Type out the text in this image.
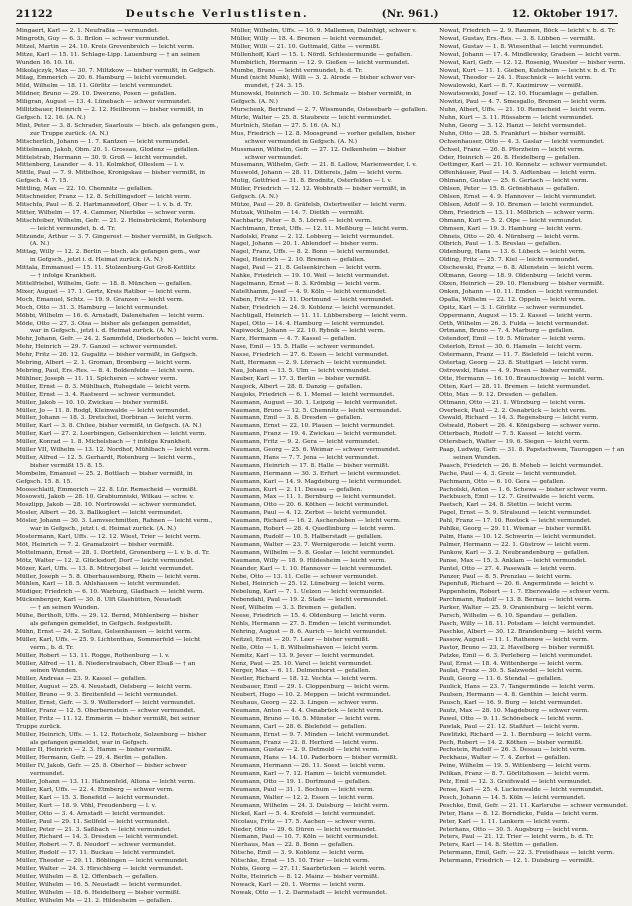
21122	Deutsche Verlustlisten.	(Nr. 961.)	12. Oktober 1917.
Mingaert, Karl — 2. 1. Neufraßia — vermundet.
Mingroth, Guy — 6. 3. Brilon — schwer vermundet.
Mitzel, Martin — 24. 10. Kreis Grevenbroich — leicht verm.
Mitze, Karl — 15. 11. Schlage-Lipp. Lauenburg — † an seinen
Wunden 16. 10. 16.
Mikolajczyk, Max — 30. 7. Miltzkow — bisher vermißt, in Gefgsch.
Milag, Emmerich — 20. 6. Hamburg — leicht vermundet.
Mild, Wilhelm — 18. 11. Görlitz — leicht vermundet.
Mildner, Bruno — 29. 10. Dwerzno, Posen — gefallen.
Miligran, August — 13. 4. Lünebach — schwer vermundet.
Millitzbauer, Heinrich — 2. 12. Heilbronn — bisher vermißt, in
Gefgsch. 12. 16. (A. N.)
Mint, Peter — 3. 8. Schrader, Saarlouis — bisch. als gefangen gem.,
zur Truppe zurück. (A. N.)
Mitscherlich, Johann — 1. 7. Kantzen — leicht vermundet.
Mittelmann, Jakob, Obm. 20. 1. Grossau, Glodenz — gefallen.
Mittelstrab, Hermann — 30. 9. Groß — leicht vermundet.
Mittenberg, Leander — 4. 11. Kolmkhof, Olleslem — l. v.
Mittle, Paul — 7. 9. Mittelhoe, Kronigskau — bisher vermißt, in
Gefgsch. 4. 7. 15.
Mittling, Max — 22. 10. Chemnitz — gefallen.
Mitschneider, Franz — 12. 8. Schillingsdorf — leicht verm.
Mitschfa, Paul — 8. 2. Hartmannsdorf, Ober — l. v. b. d. Tr.
Mitter, Wilhelm — 17. 4. Cammer, Nierbike — schwer verm.
Mitschfeiber, Wilhelm, Gefr. — 21. 2. Heinsbrückmt, Rotenburg
— leicht vermundet, b. d. Tr.
Mitzunde, Arthur — 3. 7. Gingerest — bisher vermißt, in Gefgsch.
(A. N.)
Mittag, Willy — 12. 2. Berlin — bisch. als gefangen gem., war
in Gefgsch., jetzt i. d. Heimat zurück. (A. N.)
Mittala, Emmanuel — 15. 11. Stolzenburg-Gut Groß-Kettlitz
— † infolge Krankheit.
Mittelfriebel, Wilhelm, Gefr. — 18. 8. München — gefallen.
Mixer, August — 17. 1. Gertz, Kreis Ratibor — leicht verm.
Moch, Emanuel, Schtz. — 19. 9. Granzen — leicht verm.
Moch, Otto — 31. 3. Hamburg — leicht vermundet.
Möbbi, Wilhelm — 16. 6. Arnstadt, Dalenehafen — leicht verm.
Möde, Otto — 27. 3. Olsa — bisher als gefangen gemeldet,
war in Gefgsch., jetzt i. d. Heimat zurück. (A. N.)
Mehr, Johann, Gefr. — 24. 2. Sammfeld, Diederhofen — leicht verm.
Mehr, Heinrich — 29. 7. Ganzel — schwer vermundet.
Mehr, Fritz — 26. 12. Gugalitz — bisher vermißt, in Gefgsch.
Mebring, Albert — 2. 1. Groman, Bromberg — leicht verm.
Mebring, Paul, Ers.-Res. — 8. 4. Boldenfelde — leicht verm.
Mühlner, Joseph — 11. 11. Spicheren — schwer verm.
Müller, Ernst — 8. 3. Mühlbach, Ruhegdale — leicht verm.
Müller, Ernst — 3. 4. Rastwerd — schwer vermundet.
Müller, Jakob — 10. 10. Zwickau — bisher vermißt.
Müller, Jo — 11. 8. Rodgl, Kleinwalde — leicht vermundet.
Müller, Johann — 18. 3. Dretschel, Dorbiran — leicht verm.
Müller, Karl — 3. 8. Chilee, bisher vermißt, in Gefgsch. (A. N.)
Müller, Karl — 27. 2. Loerbingen, Gelsenkirchen — leicht verm.
Müller, Konrad — 1. 8. Michelsbach — † infolge Krankheit.
Müller VII, Wilhelm — 13. 12. Nordhof, Mühlbach — leicht verm.
Müller, Alfred — 12. 5. Gerhardt, Rotenburg — leicht verm.,
bisher vermißt 15. 8. 15.
Mombelm, Emanuel — 25. 2. Bottlach — bisher vermißt, in
Gefgsch. 15. 8. 15.
Moosschlaitl, Emmerich — 22. 8. Lür. Remscheid — vermißt.
Mosowsti, Jakob — 28. 10. Grabiumniski, Wilkau — schw. v.
Moszlipp, Jakob — 28. 10. Nortrowski — schwer vermundet.
Mosler, Albert — 26. 3. Ballkoglert — leicht vermundet.
Mösler, Johann — 30. 3. Lamvsechmitten, Rahnen — leicht verm.,
war in Gefgsch., jetzt i. d. Heimat zurück. (A. N.)
Mostermann, Karl, Uffs. — 12. 12. Wiest, Trier — leicht verm.
Möt, Heinrich — 7. 2. Gramatzoirt — bisher vermißt.
Mottelmann, Ernst — 28. 1. Dortfeld, Gronenberg — l. v. b. d. Tr.
Mötz, Walter — 12. 2. Glücksdorf, Dorf — leicht vermundet.
Mözer, Karl, Uffs. — 13. 8. Mitrerjobel — leicht vermundet.
Müller, Joseph — 5. 8. Oberhausenburg, Rhein — leicht verm.
Mühlen, Karl — 18. 5. Ahlshausen — leicht vermundet.
Müdiger, Friedrich — 6. 10. Warburg, Gladbach — leicht verm.
Mückenberger, Karl — 30. 8. Ulft Glashütten, Neustadt
— † an seinen Wunden.
Mühe, Bertholt, Uffs. — 29. 12. Bernd, Mühlenberg — bisher
als gefangen gemeldet, in Gefgsch. festgestellt.
Mühn, Ernst — 24. 2. Soltau, Gelsenhausen — leicht verm.
Müller, Karl, Uffs. — 25. 9. Lichtenthau, Sommerfeld — leicht
verm., b. d. Tr.
Müller, Robert — 13. 11. Rogge, Rothenburg — l. v.
Müller, Alfred — 11. 8. Niederstraubach, Ober Elsaß — † an
seinen Wunden.
Müller, Andreas — 23. 9. Kassel — gefallen.
Müller, August — 25. 4. Neustadt, Oelsberg — leicht verm.
Müller, Bruno — 9. 3. Breitenfeld — leicht vermundet.
Müller, Ernst, Gefr. — 3. 9. Wollersdorf — leicht vermundet.
Müller, Franz — 12. 5. Oberbernstein — schwer vermundet.
Müller, Fritz — 11. 12. Emmerin — bisher vermißt, bei seiner
Truppe zurück.
Müller, Heinrich, Uffs. — 1. 12. Rotscholz, Solzenburg — bisher
als gefangen gemeldet, war in Gefgsch.
Müller II, Heinrich — 2. 3. Hamm — bisher vermißt.
Müller, Hermann, Gefr. — 29. 4. Berlin — gefallen.
Müller IV, Jakob, Gefr. — 25. 8. Oberhof — bisher schwer
vermundet.
Müller, Johann — 13. 11. Hahnenfeld, Altona — leicht verm.
Müller, Karl, Uffs. — 22. 4. Etmberg — schwer verm.
Müller, Karl — 15. 3. Bonefeld — leicht vermundet.
Müller, Kurt — 18. 9. Vöhl, Freudenberg — l. v.
Müller, Otto — 3. 4. Arnstadt — leicht vermundet.
Müller, Paul — 29. 11. Sellfeld — leicht vermundet.
Müller, Peter — 21. 3. Saßbach — leicht vermundet.
Müller, Richard — 14. 3. Dresden — leicht vermundet.
Müller, Robert — 7. 8. Neudorf — schwer vermundet.
Müller, Rudolf — 17. 11. Buckau — leicht vermundet.
Müller, Theodor — 29. 11. Böblingen — leicht vermundet.
Müller, Walter — 24. 3. Hirschberg — leicht vermundet.
Müller, Wilhelm — 8. 12. Offenbach — gefallen.
Müller, Wilhelm — 16. 5. Neustadt — leicht vermundet.
Müller, Wilhelm — 18. 6. Heidelberg — bisher vermißt.
Müller, Wilhelm Ms — 21. 2. Hildesheim — gefallen.
Müller, Wilhelm, Uffs. — 10. 9. Mallemen, Dalmhigt, schwer v.
Müller, Willy — 18. 4. Bremen — leicht vermundet.
Müller, Willi — 21. 10. Guttmald, Gitte — vermißt.
Müllenhoff, Karl — 15. 1. Nördl. Schlesiermunde — gefallen.
Mumbirlich, Hermann — 12. 9. Gießen — leicht vermundet.
Mumbe, Bruno — leicht vermundet, b. d. Tr.
Mund (nicht Munk), Willi — 3. 2. Alrode — bisher schwer ver-
mundet, † 24. 3. 15.
Munowski, Heinrich — 30. 10. Schmalz — bisher vermißt, in
Gefgsch. (A. N.)
Murschenk, Bertrand — 2. 7. Wissmunde, Ostseebarb — gefallen.
Mürle, Walter — 25. 8. Staubreiz — leicht vermundet.
Murtnich, Stefan — 27. 5. 16. (A. N.)
Mus, Friedrich — 12. 8. Moosgrund — vorher gefallen, bisher
schwer vermundet in Gefgsch. (A. N.)
Mussmann, Wilhelm, Gefr. — 27. 12. Oelkenheim — bisher
schwer vermundet.
Mussmann, Wilhelm, Gefr. — 21. 8. Lallow, Marienwerder, l. v.
Muswold, Johann — 28. 11. Dittereis, Jalm — leicht verm.
Mutig, Gottfried — 31. 8. Brodnitz, Osterfelden — l. v.
Müller, Friedrich — 12. 12. Wobbrath — bisher vermißt, in
Gefgsch. (A. N.)
Mütze, Paul — 29. 8. Gräfelsb, Ostertweiler — leicht verm.
Mutzak, Wilhelm — 14. 7. Dietkh — vermißt.
Nachbartz, Peter — 8. 5. Lörreß — leicht verm.
Nachtmann, Ernst, Uffs. — 12. 11. Meßburg — leicht verm.
Nadolski, Franz — 2. 12. Lobberg — leicht vermundet.
Nagel, Johann — 20. 1. Ablendorf — bisher verm.
Nagel, Franz, Uffs. — 8. 2. Bonn — leicht vermundet.
Nagel, Heinrich — 2. 10. Bremen — gefallen.
Nagel, Paul — 21. 8. Gelsenkirchen — leicht verm.
Nahke, Friedrich — 19. 10. Weil — leicht vermundet.
Nagelmann, Ernst — 8. 3. Krömbig — leicht verm.
Natelthamm, Josef — 4. 9. Köln — leicht vermundet.
Naben, Fritz — 12. 11. Dortmund — leicht vermundet.
Naber, Friedrich — 24. 9. Koblenz — leicht vermundet.
Nachtigall, Heinrich — 11. 11. Lübbersberg — leicht verm.
Napel, Otto — 14. 4. Hamburg — leicht vermundet.
Napiwocki, Johann — 22. 10. Rybnik — leicht verm.
Narz, Hermann — 4. 7. Kassel — gefallen.
Nase, Emil — 15. 5. Halle — schwer vermundet.
Nasse, Friedrich — 27. 6. Essen — leicht vermundet.
Natt, Hermann — 2. 9. Lörrach — leicht vermundet.
Nau, Johann — 13. 5. Ulm — leicht vermundet.
Nauber, Karl — 17. 3. Berlin — bisher vermißt.
Naujock, Albert — 28. 8. Danzig — gefallen.
Naujoks, Friedrich — 6. 1. Memel — leicht vermundet.
Naumann, August — 30. 1. Leipzig — leicht vermundet.
Naumann, Bruno — 12. 5. Chemnitz — leicht vermundet.
Naumann, Emil — 3. 8. Dresden — gefallen.
Naumann, Ernst — 22. 10. Plauen — leicht vermundet.
Naumann, Franz — 19. 4. Zwickau — leicht vermundet.
Naumann, Fritz — 9. 2. Gera — leicht vermundet.
Naumann, Georg — 25. 6. Weimar — schwer vermundet.
Naumann, Hans — 7. 7. Jena — leicht vermundet.
Naumann, Heinrich — 17. 8. Halle — bisher vermißt.
Naumann, Hermann — 30. 3. Erfurt — leicht vermundet.
Naumann, Karl — 14. 9. Magdeburg — leicht vermundet.
Naumann, Kurt — 2. 11. Dessau — gefallen.
Naumann, Max — 11. 1. Bernburg — leicht vermundet.
Naumann, Otto — 20. 6. Köthen — leicht vermundet.
Naumann, Paul — 4. 12. Zerbst — leicht vermundet.
Naumann, Richard — 16. 2. Aschersleben — leicht verm.
Naumann, Robert — 28. 4. Quedlinburg — leicht verm.
Naumann, Rudolf — 10. 5. Halberstadt — gefallen.
Naumann, Walter — 23. 7. Wernigerode — leicht verm.
Naumann, Wilhelm — 5. 8. Goslar — leicht vermundet.
Naumann, Willy — 18. 9. Hildesheim — leicht verm.
Neander, Karl — 1. 10. Hannover — leicht vermundet.
Nebe, Otto — 13. 11. Celle — schwer vermundet.
Nebel, Heinrich — 25. 12. Lüneburg — leicht verm.
Nebelung, Karl — 7. 1. Uelzen — leicht vermundet.
Nebendahl, Paul — 19. 2. Stade — leicht vermundet.
Neef, Wilhelm — 3. 3. Bremen — gefallen.
Neese, Friedrich — 15. 4. Oldenburg — leicht verm.
Nehls, Hermann — 27. 5. Emden — leicht vermundet.
Nehring, August — 8. 6. Aurich — leicht vermundet.
Neitzel, Ernst — 20. 7. Leer — bisher vermißt.
Nelle, Otto — 1. 8. Wilhelmshaven — leicht verm.
Nemitz, Karl — 13. 9. Jever — leicht vermundet.
Nenz, Paul — 25. 10. Varel — leicht vermundet.
Nerger, Max — 6. 11. Delmenhorst — gefallen.
Nestler, Richard — 18. 12. Vechta — leicht verm.
Neubauer, Emil — 29. 1. Cloppenburg — leicht verm.
Neubert, Hugo — 10. 2. Meppen — leicht vermundet.
Neuhaus, Georg — 22. 3. Lingen — schwer verm.
Neumann, Anton — 4. 4. Osnabrück — leicht verm.
Neumann, Bruno — 16. 5. Münster — leicht verm.
Neumann, Carl — 28. 6. Bielefeld — gefallen.
Neumann, Ernst — 9. 7. Minden — leicht vermundet.
Neumann, Franz — 21. 8. Herford — leicht verm.
Neumann, Gustav — 2. 9. Detmold — leicht verm.
Neumann, Hans — 14. 10. Paderborn — bisher vermißt.
Neumann, Hermann — 26. 11. Soest — leicht verm.
Neumann, Karl — 7. 12. Hamm — leicht vermundet.
Neumann, Otto — 19. 1. Dortmund — gefallen.
Neumann, Paul — 31. 1. Bochum — leicht verm.
Neumann, Walter — 12. 2. Essen — leicht verm.
Neumann, Wilhelm — 24. 3. Duisburg — leicht verm.
Nickel, Karl — 5. 4. Krefeld — leicht vermundet.
Nicolaus, Fritz — 17. 5. Aachen — schwer verm.
Nieder, Otto — 29. 6. Düren — leicht vermundet.
Niemann, Paul — 10. 7. Köln — leicht vermundet.
Nierhaus, Max — 22. 8. Bonn — gefallen.
Nitsche, Emil — 3. 9. Koblenz — leicht verm.
Nitschke, Ernst — 15. 10. Trier — leicht verm.
Nobis, Georg — 27. 11. Saarbrücken — leicht verm.
Nolte, Heinrich — 8. 12. Mainz — bisher vermißt.
Nowack, Karl — 20. 1. Worms — leicht verm.
Nowak, Otto — 1. 2. Darmstadt — leicht vermundet.
Nowat, Friedrich — 2. 9. Raumen, Böck — leicht v. b. d. Tr.
Nowat, Gustav, Ers.-Res. — 3. 8. Lübben — vermißt.
Nowat, Gustav — 1. 8. Wiesenthal — leicht vermundet.
Nowat, Johann — 17. 4. Mindlewsky, Gradsen — leicht verm.
Nowat, Karl, Gefr. — 12. 12. Rosenig, Wuester — bisher verm.
Nowat, Kurt — 11. 1. Gieben, Kulstheim — leicht v. b. d. Tr.
Nowat, Theodor — 24. 1. Ruschnick — leicht verm.
Nowalowski, Karl — 8. 7. Kazimirow — vermißt.
Nowatsowski, Josef — 12. 10. Hucamlage — gefallen.
Nowitzi, Paul — 4. 7. Smesgallo, Bremen — leicht verm.
Nuhn, Albert, Uffs. — 21. 10. Remscheid — leicht verm.
Nuhn, Kurt — 3. 11. Rüssabrm — leicht vermundet.
Nuhn, Georg — 3. 12. Hanzi — leicht vermundet.
Nuhn, Otto — 28. 5. Frankfurt — bisher vermißt.
Ochsenhauser, Otto — 4. 3. Gaslar — leicht vermundet.
Öchsel, Franz — 26. 8. Pforzheim — leicht verm.
Oder, Heinrich — 26. 8. Heidelberg — gefallen.
Oettinger, Karl — 21. 10. Kennetz — schwer vermundet.
Offenhäuser, Paul — 14. 5. Aidtenbau — leicht verm.
Ohlmann, Gustav — 25. 6. Gertach — leicht verm.
Ohlsen, Peter — 15. 8. Grönsbhaus — gefallen.
Ohlsen, Ernst — 4. 9. Hannover — leicht vermundet.
Ohlsen, Adolf — 9. 10. Bremen — leicht vermundet.
Ohm, Friedrich — 13. 11. Mölbrich — schwer verm.
Ohmann, Kurt — 5. 2. Olpe — leicht vermundet.
Ohmsen, Karl — 19. 3. Hamburg — leicht verm.
Ohneis, Otto — 20. 4. Nürnberg — leicht verm.
Olbrich, Paul — 1. 5. Breslau — gefallen.
Oldenburg, Hans — 13. 6. Lübeck — leicht verm.
Olding, Fritz — 25. 7. Kiel — leicht vermundet.
Olschewski, Franz — 6. 8. Allenstein — leicht verm.
Oltmann, Georg — 18. 9. Oldenburg — leicht verm.
Olzen, Heinrich — 29. 10. Flensburg — bisher vermißt.
Onken, Johann — 10. 11. Emden — leicht vermundet.
Opalla, Wilhelm — 22. 12. Oppeln — leicht verm.
Opitz, Karl — 3. 1. Görlitz — schwer vermundet.
Oppermann, August — 15. 2. Kassel — leicht verm.
Orth, Wilhelm — 26. 3. Fulda — leicht vermundet.
Ortmann, Bruno — 7. 4. Marburg — gefallen.
Ostendorf, Emil — 19. 5. Münster — leicht verm.
Osterloh, Ernst — 30. 6. Hameln — leicht verm.
Ostermann, Franz — 11. 7. Bielefeld — leicht verm.
Ostertag, Georg — 23. 8. Stuttgart — leicht verm.
Ostrowski, Hans — 4. 9. Posen — bisher vermißt.
Otte, Hermann — 16. 10. Braunschweig — leicht verm.
Otten, Karl — 28. 11. Bremen — leicht vermundet.
Otto, Max — 9. 12. Dresden — gefallen.
Ottmann, Otto — 21. 1. Würzburg — leicht verm.
Overbeck, Paul — 2. 2. Osnabrück — leicht verm.
Oswald, Richard — 14. 3. Regensburg — leicht verm.
Ostwald, Robert — 26. 4. Königsberg — schwer verm.
Otterbach, Rudolf — 7. 5. Kassel — leicht verm.
Ottersbach, Walter — 19. 6. Siegen — leicht verm.
Paap, Ludwig, Gefr. — 31. 8. Papstschwem, Tauroggen — † an
seinen Wunden.
Paasch, Friedrich — 26. 8. Meheb — leicht vermundet.
Pache, Paul — 4. 3. Greiz — leicht vermundet.
Pachmann, Otto — 6. 10. Gera — gefallen.
Pacholski, Anton — 1. 6. Schewa — bisher schwer verm.
Packbusch, Emil — 12. 7. Greifwalde — leicht verm.
Paetsch, Karl — 24. 8. Stettin — leicht verm.
Pagel, Ernst — 5. 9. Stralsund — leicht vermundet.
Pahl, Franz — 17. 10. Rostock — leicht vermundet.
Pahlke, Georg — 29. 11. Wismar — bisher vermißt.
Palm, Hans — 10. 12. Schwerin — leicht vermundet.
Palmer, Hermann — 22. 1. Güstrow — leicht verm.
Pankow, Karl — 3. 2. Neubrandenburg — gefallen.
Panse, Max — 15. 3. Anklam — leicht vermundet.
Pantel, Otto — 27. 4. Pasewalk — leicht verm.
Panzer, Paul — 8. 5. Prenzlau — leicht verm.
Papenfuß, Richard — 20. 6. Angermünde — leicht v.
Pappenheim, Robert — 1. 7. Eberswalde — schwer verm.
Parchmann, Rudolf — 13. 8. Bernau — leicht verm.
Parker, Walter — 25. 9. Oranienburg — leicht verm.
Parsch, Wilhelm — 6. 10. Spandau — gefallen.
Pasch, Willy — 18. 11. Potsdam — leicht vermundet.
Paschke, Albert — 30. 12. Brandenburg — leicht verm.
Passow, August — 11. 1. Rathenow — leicht verm.
Pastor, Bruno — 23. 2. Havelberg — bisher vermißt.
Patzke, Emil — 6. 3. Perleberg — leicht vermundet.
Paul, Ernst — 18. 4. Wittenberge — leicht verm.
Paulat, Franz — 30. 5. Salzwedel — leicht verm.
Pauli, Georg — 11. 6. Stendal — gefallen.
Paulick, Hans — 23. 7. Tangermünde — leicht verm.
Paulsen, Hermann — 4. 8. Genthin — leicht verm.
Pausch, Karl — 16. 9. Burg — leicht vermundet.
Pautz, Max — 28. 10. Magdeburg — schwer verm.
Pawel, Otto — 9. 11. Schönebeck — leicht verm.
Pawlak, Paul — 21. 12. Staßfurt — leicht verm.
Pawlitzki, Richard — 2. 1. Bernburg — leicht verm.
Pech, Robert — 14. 2. Köthen — bisher vermißt.
Pechstein, Rudolf — 26. 3. Dessau — leicht verm.
Peckhaus, Walter — 7. 4. Zerbst — gefallen.
Peine, Wilhelm — 19. 5. Wittenberg — leicht verm.
Pelikan, Franz — 8. 7. Görlitzhosen — leicht verm.
Pelz, Emil — 12. 3. Greifswald — leicht vermundet.
Pense, Karl — 25. 4. Luckenwalde — leicht vermundet.
Pesch, Johann — 14. 5. Köln — leicht vermundet.
Peschke, Emil, Gefr. — 21. 11. Karlsruhe — schwer vermundet.
Peter, Hans — 8. 12. Borndicke, Fulda — leicht verm.
Peter, Karl — 1. 11. Lankern — leicht verm.
Peterhans, Otto — 30. 5. Augsburg — leicht verm.
Peters, Paul — 21. 12. Trier — leicht verm., b. d. Tr.
Peters, Karl — 14. 8. Stettin — gefallen.
Petermann, Emil, Gefr. — 22. 3. Freisdhaus — leicht verm.
Petermann, Friedrich — 12. 1. Duisburg — vermißt.
